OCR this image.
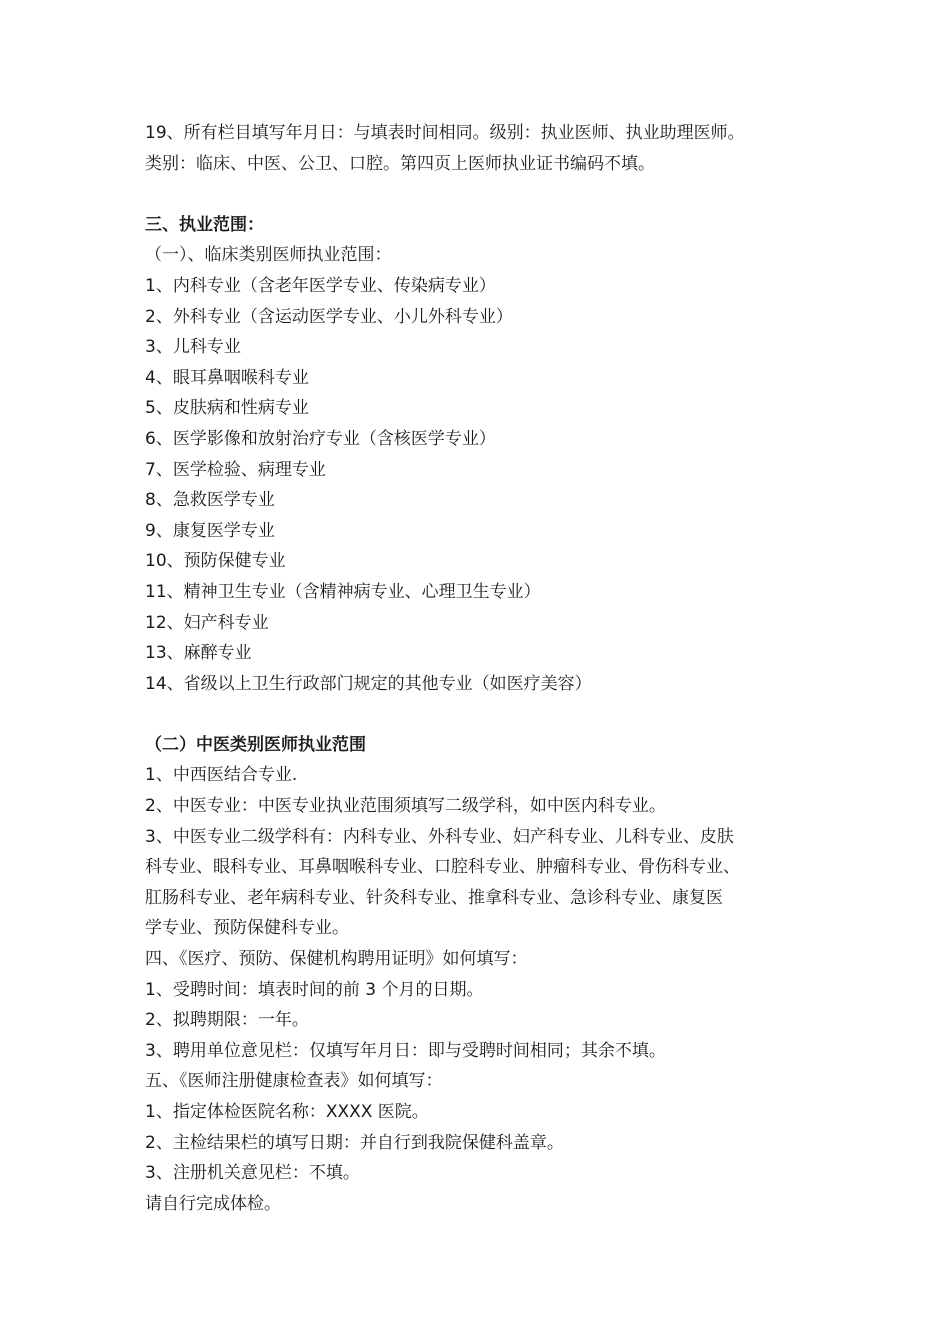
19、所有栏目填写年月日：与填表时间相同。级别：执业医师、执业助理医师。
类别：临床、中医、公卫、口腔。第四页上医师执业证书编码不填。
三、执业范围：
（一）、临床类别医师执业范围：
1、内科专业（含老年医学专业、传染病专业）
2、外科专业（含运动医学专业、小儿外科专业）
3、儿科专业
4、眼耳鼻咽喉科专业
5、皮肤病和性病专业
6、医学影像和放射治疗专业（含核医学专业）
7、医学检验、病理专业
8、急救医学专业
9、康复医学专业
10、预防保健专业
11、精神卫生专业（含精神病专业、心理卫生专业）
12、妇产科专业
13、麻醉专业
14、省级以上卫生行政部门规定的其他专业（如医疗美容）
（二）中医类别医师执业范围
1、中西医结合专业.
2、中医专业：中医专业执业范围须填写二级学科，如中医内科专业。
3、中医专业二级学科有：内科专业、外科专业、妇产科专业、儿科专业、皮肤
科专业、眼科专业、耳鼻咽喉科专业、口腔科专业、肿瘤科专业、骨伤科专业、
肛肠科专业、老年病科专业、针灸科专业、推拿科专业、急诊科专业、康复医
学专业、预防保健科专业。
四、《医疗、预防、保健机构聘用证明》如何填写：
1、受聘时间：填表时间的前 3 个月的日期。
2、拟聘期限：一年。
3、聘用单位意见栏：仅填写年月日：即与受聘时间相同；其余不填。
五、《医师注册健康检查表》如何填写：
1、指定体检医院名称：XXXX 医院。
2、主检结果栏的填写日期：并自行到我院保健科盖章。
3、注册机关意见栏：不填。
请自行完成体检。
